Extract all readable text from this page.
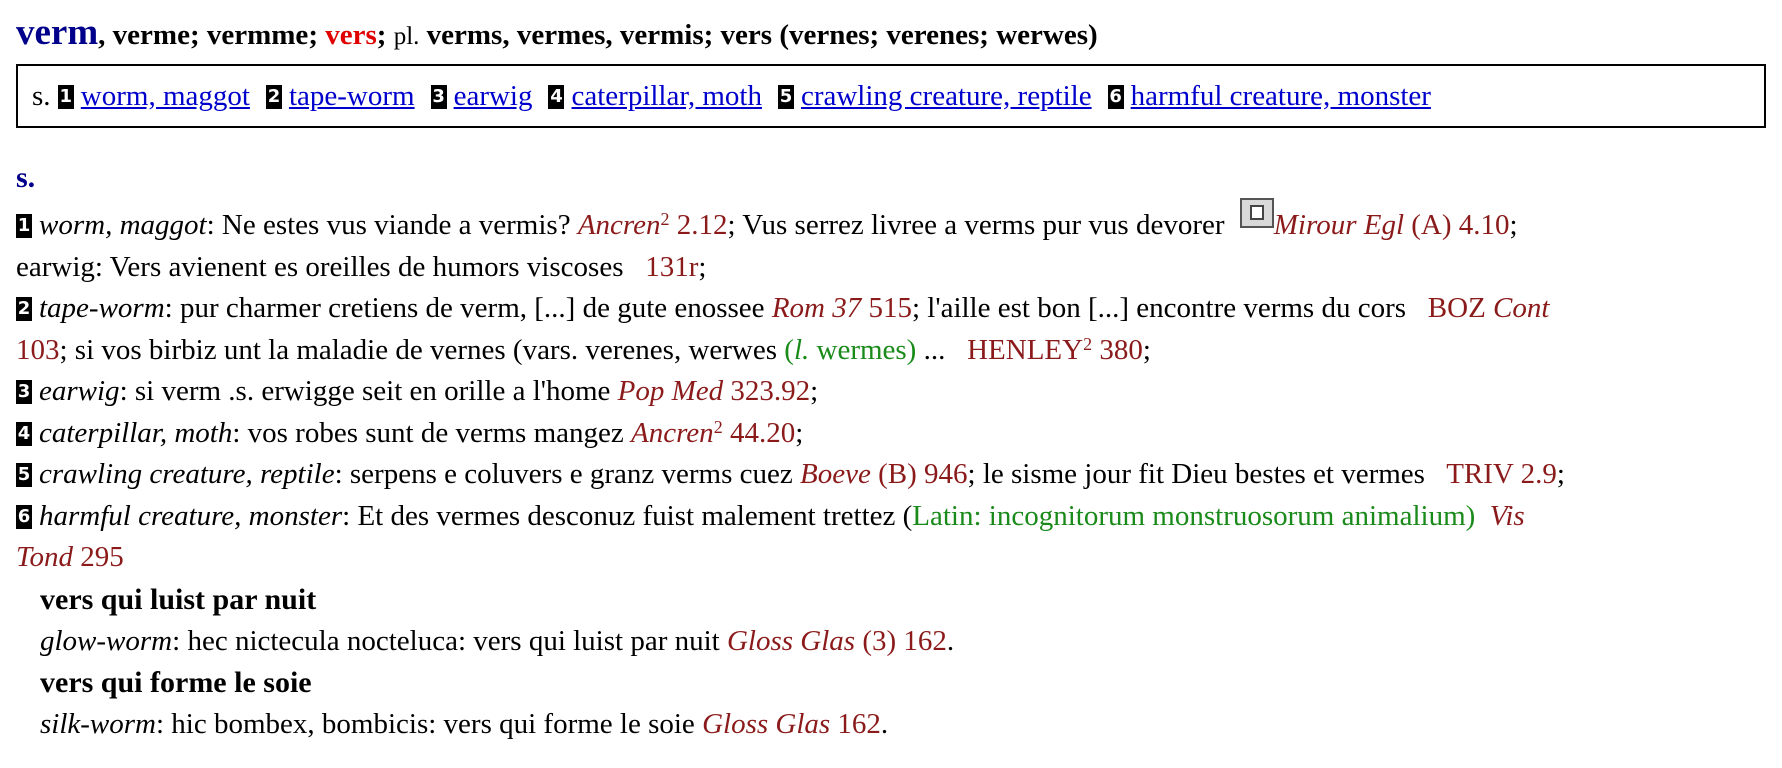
verm, verme; vermme; vers; pl. verms, vermes, vermis; vers (vernes; verenes; werwes)
s.
1 worm, maggot 2 tape-worm 3 earwig 4 caterpillar, moth 5 crawling creature, reptile 6 harmful creature, monster
s.
1 worm, maggot: Ne estes vus viande a vermis? Ancren$^2$ 2.12; Vus serrez livree a verms pur vus devorer
Mirour Egl (A) 4.10;
earwig: Vers avienent es oreilles de humors viscoses   131r;
2 tape-worm: pur charmer cretiens de verm, [...] de gute enossee Rom 37 515; l'aille est bon [...] encontre verms du cors   BOZ Cont
103; si vos birbiz unt la maladie de vernes (vars. verenes, werwes (l. wermes) ...   HENLEY$^2$ 380;
3 earwig: si verm .s. erwigge seit en orille a l'home Pop Med 323.92;
4 caterpillar, moth: vos robes sunt de verms mangez Ancren$^2$ 44.20;
5 crawling creature, reptile: serpens e coluvers e granz verms cuez Boeve (B) 946; le sisme jour fit Dieu bestes et vermes   TRIV 2.9;
6 harmful creature, monster: Et des vermes desconuz fuist malement trettez (Latin: incognitorum monstruosorum animalium) Vis
Tond 295
vers qui luist par nuit
glow-worm: hec nictecula nocteluca: vers qui luist par nuit Gloss Glas (3) 162.
vers qui forme le soie
silk-worm: hic bombex, bombicis: vers qui forme le soie Gloss Glas 162.
